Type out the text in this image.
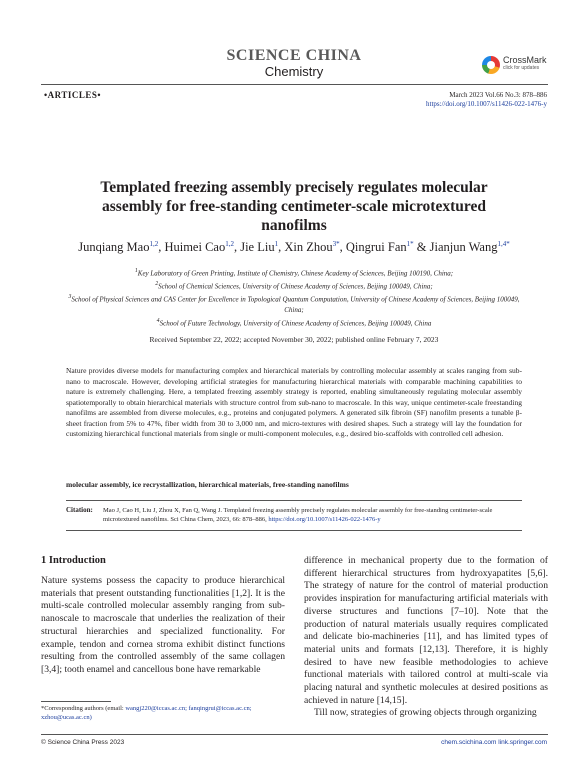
SCIENCE CHINA
Chemistry
CrossMark
click for updates
•ARTICLES•	March 2023 Vol.66 No.3: 878–886
https://doi.org/10.1007/s11426-022-1476-y
Templated freezing assembly precisely regulates molecular assembly for free-standing centimeter-scale microtextured nanofilms
Junqiang Mao$^{1,2}$, Huimei Cao$^{1,2}$, Jie Liu$^1$, Xin Zhou$^{3*}$, Qingrui Fan$^{1*}$ & Jianjun Wang$^{1,4*}$
$^1$Key Laboratory of Green Printing, Institute of Chemistry, Chinese Academy of Sciences, Beijing 100190, China;
$^2$School of Chemical Sciences, University of Chinese Academy of Sciences, Beijing 100049, China;
$^3$School of Physical Sciences and CAS Center for Excellence in Topological Quantum Computation, University of Chinese Academy of Sciences, Beijing 100049, China;
$^4$School of Future Technology, University of Chinese Academy of Sciences, Beijing 100049, China
Received September 22, 2022; accepted November 30, 2022; published online February 7, 2023
Nature provides diverse models for manufacturing complex and hierarchical materials by controlling molecular assembly at scales ranging from sub-nano to macroscale. However, developing artificial strategies for manufacturing hierarchical materials with comparable machining capabilities to nature is extremely challenging. Here, a templated freezing assembly strategy is reported, enabling simultaneously regulating molecular assembly spatiotemporally to obtain hierarchical materials with structure control from sub-nano to macroscale. In this way, unique centimeter-scale freestanding nanofilms are assembled from diverse molecules, e.g., proteins and conjugated polymers. A generated silk fibroin (SF) nanofilm presents a tunable β-sheet fraction from 5% to 47%, fiber width from 30 to 3,000 nm, and micro-textures with desired shapes. Such a strategy will lay the foundation for customizing hierarchical functional materials from single or multi-component molecules, e.g., desired bio-scaffolds with controlled cell adhesion.
molecular assembly, ice recrystallization, hierarchical materials, free-standing nanofilms
Citation: Mao J, Cao H, Liu J, Zhou X, Fan Q, Wang J. Templated freezing assembly precisely regulates molecular assembly for free-standing centimeter-scale microtextured nanofilms. Sci China Chem, 2023, 66: 878–886, https://doi.org/10.1007/s11426-022-1476-y
1 Introduction
Nature systems possess the capacity to produce hierarchical materials that present outstanding functionalities [1,2]. It is the multi-scale controlled molecular assembly ranging from sub-nanoscale to macroscale that underlies the realization of their structural hierarchies and specialized functionality. For example, tendon and cornea stroma exhibit distinct functions resulting from the controlled assembly of the same collagen [3,4]; tooth enamel and cancellous bone have remarkable
difference in mechanical property due to the formation of different hierarchical structures from hydroxyapatites [5,6]. The strategy of nature for the control of material production provides inspiration for manufacturing artificial materials with diverse structures and functions [7–10]. Note that the production of natural materials usually requires complicated and delicate bio-machineries [11], and has limited types of material units and formats [12,13]. Therefore, it is highly desired to have new feasible methodologies to achieve functional materials with tailored control at multi-scale via placing natural and synthetic molecules at desired positions as achieved in nature [14,15].
Till now, strategies of growing objects through organizing
*Corresponding authors (email: wangj220@iccas.ac.cn; fanqingrui@iccas.ac.cn; xzhou@ucas.ac.cn)
© Science China Press 2023	chem.scichina.com link.springer.com
